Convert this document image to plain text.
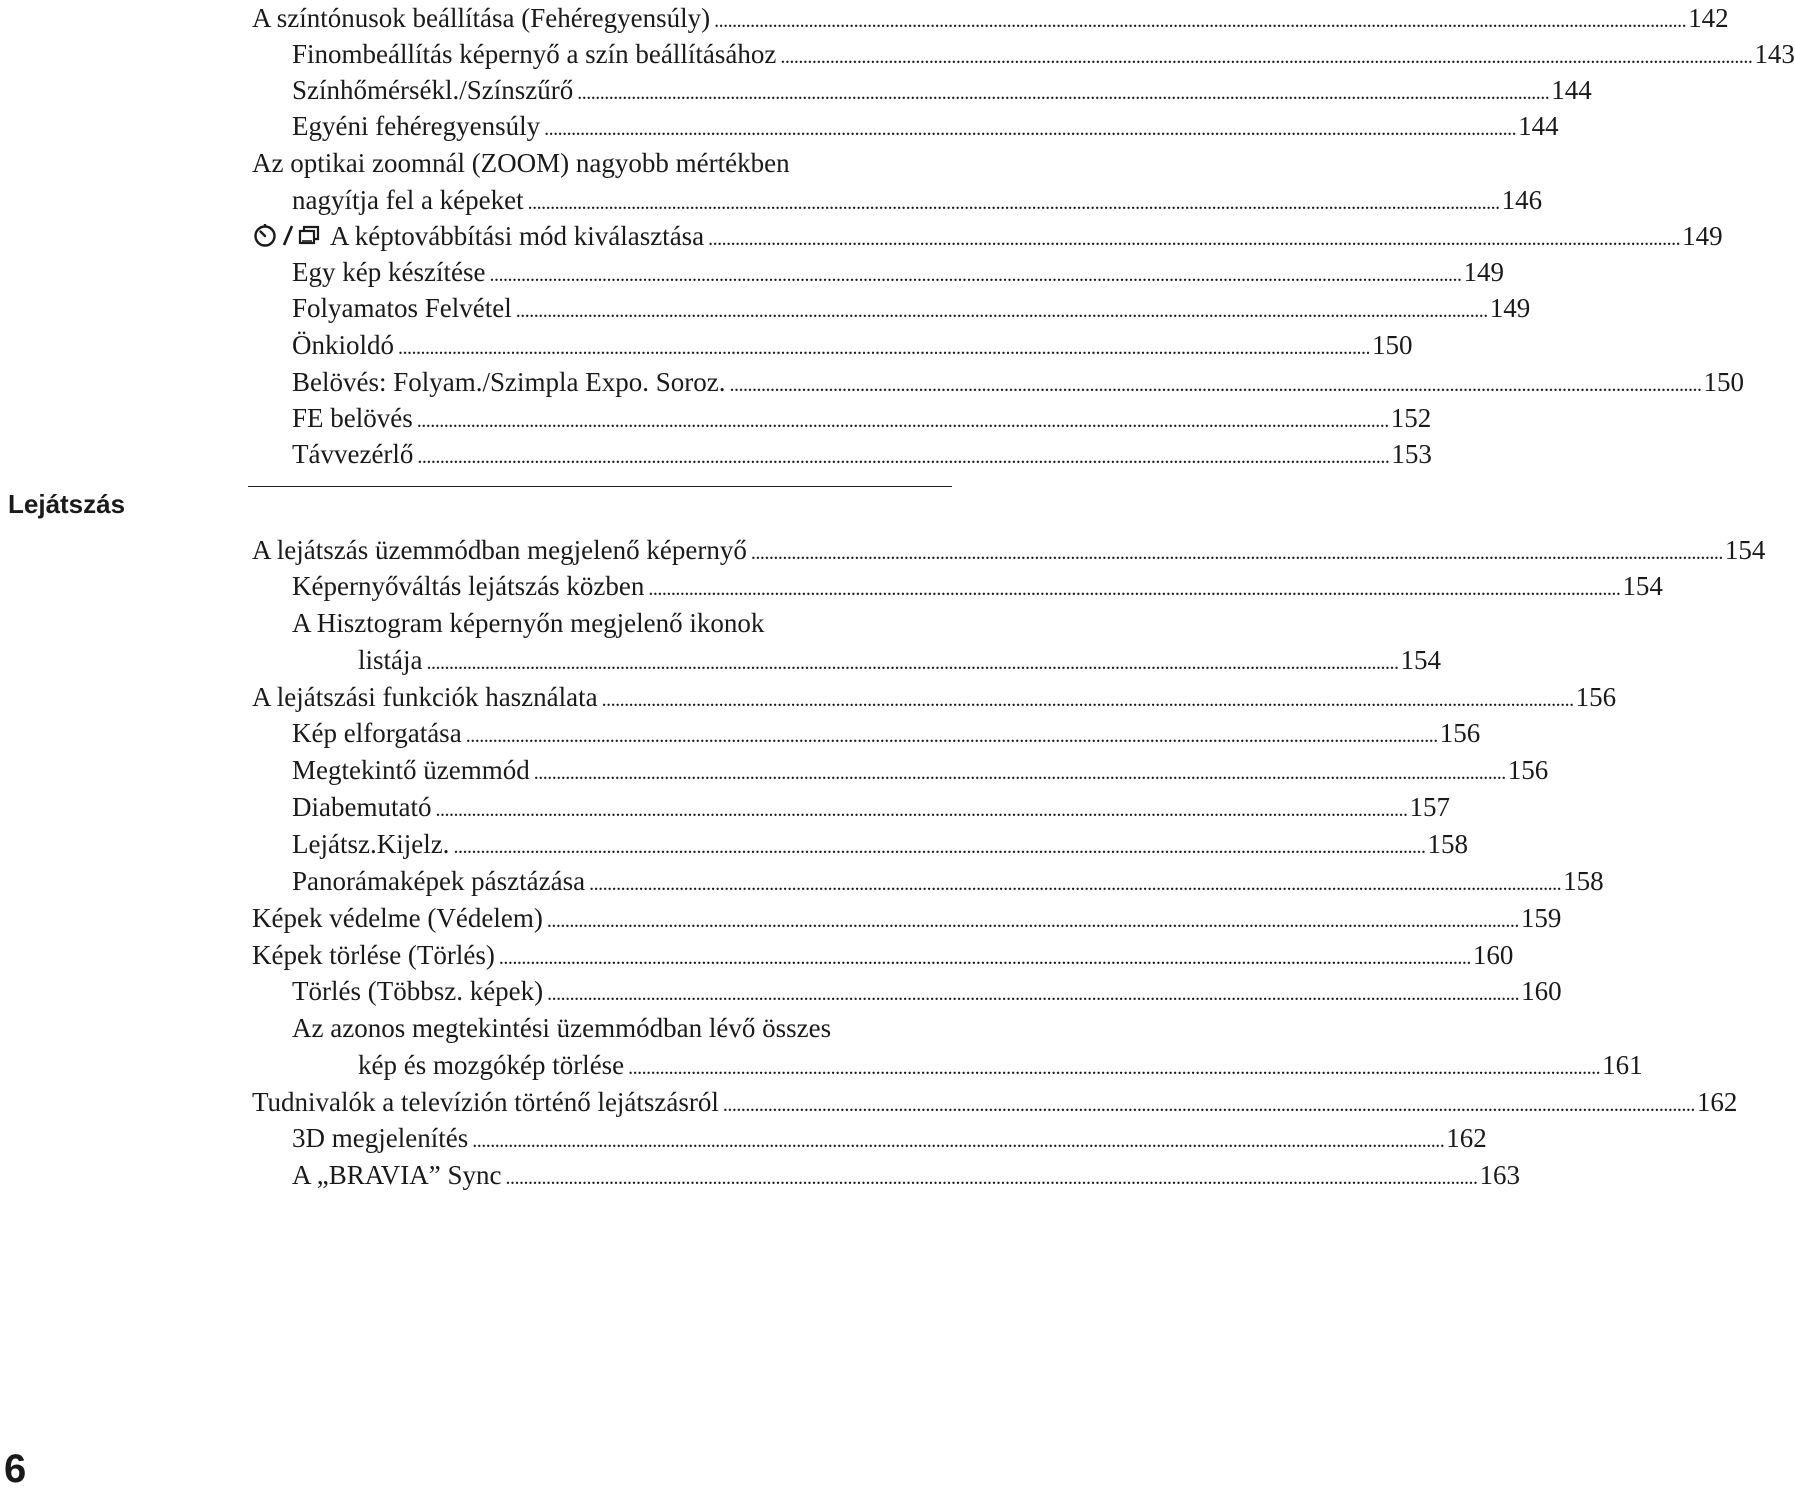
A színtónusok beállítása (Fehéregyensúly) .....	142
Finombeállítás képernyő a szín beállításához .....	143
Színhőmérsékl./Színszűrő .....	144
Egyéni fehéregyensúly .....	144
Az optikai zoomnál (ZOOM) nagyobb mértékben
nagyítja fel a képeket .....	146
A képtovábbítási mód kiválasztása .....	149
Egy kép készítése .....	149
Folyamatos Felvétel .....	149
Önkioldó .....	150
Belövés: Folyam./Szimpla Expo. Soroz. .....	150
FE belövés .....	152
Távvezérlő .....	153
Lejátszás
A lejátszás üzemmódban megjelenő képernyő .....	154
Képernyőváltás lejátszás közben .....	154
A Hisztogram képernyőn megjelenő ikonok
listája .....	154
A lejátszási funkciók használata .....	156
Kép elforgatása .....	156
Megtekintő üzemmód .....	156
Diabemutató .....	157
Lejátsz.Kijelz. .....	158
Panorámaképek pásztázása .....	158
Képek védelme (Védelem) .....	159
Képek törlése (Törlés) .....	160
Törlés (Többsz. képek) .....	160
Az azonos megtekintési üzemmódban lévő összes
kép és mozgókép törlése .....	161
Tudnivalók a televízión történő lejátszásról .....	162
3D megjelenítés .....	162
A „BRAVIA” Sync .....	163
6
